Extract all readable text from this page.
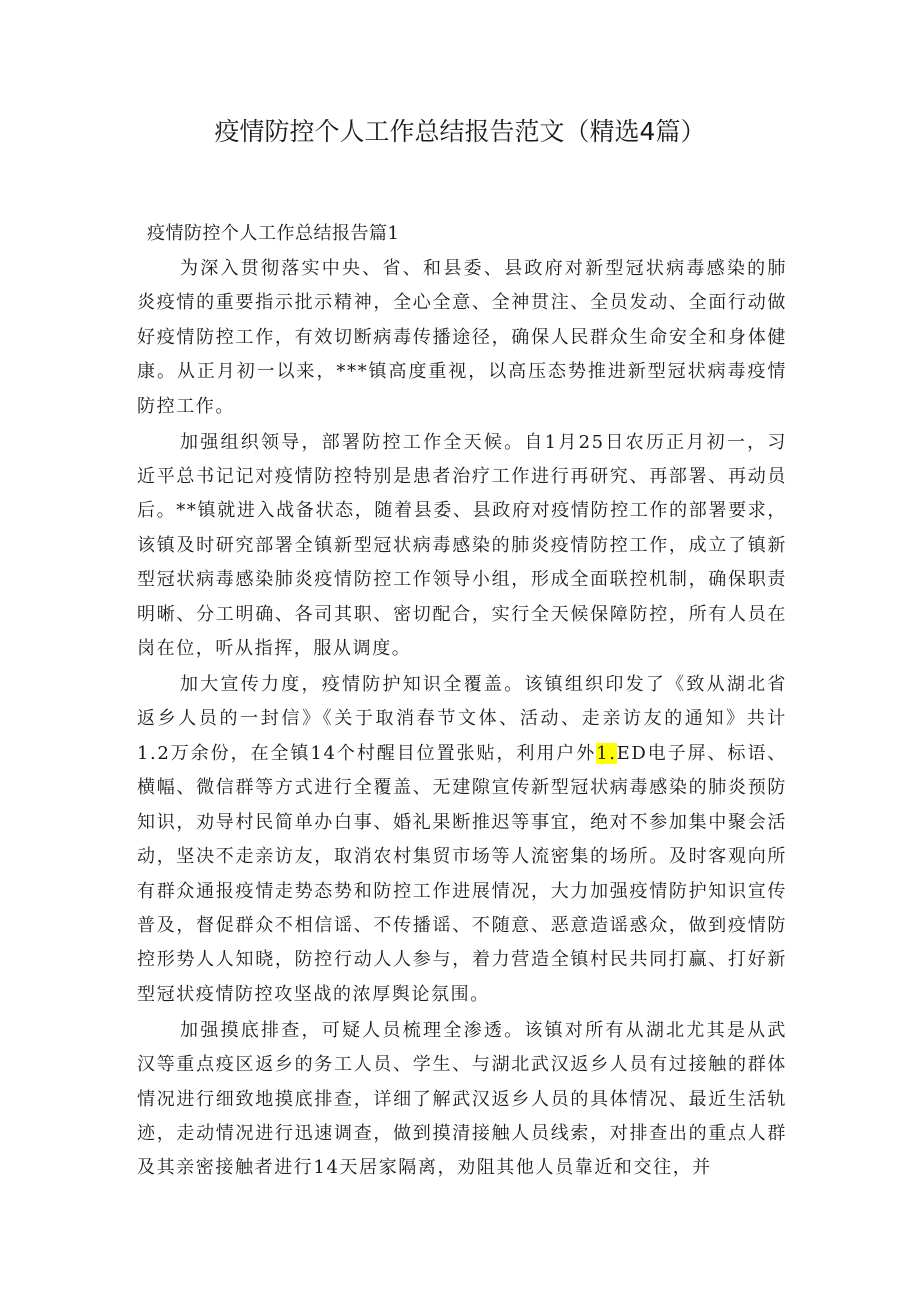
疫情防控个人工作总结报告范文（精选4篇）
疫情防控个人工作总结报告篇1

为深入贯彻落实中央、省、和县委、县政府对新型冠状病毒感染的肺炎疫情的重要指示批示精神，全心全意、全神贯注、全员发动、全面行动做好疫情防控工作，有效切断病毒传播途径，确保人民群众生命安全和身体健康。从正月初一以来，***镇高度重视，以高压态势推进新型冠状病毒疫情防控工作。

加强组织领导，部署防控工作全天候。自1月25日农历正月初一，习近平总书记记对疫情防控特别是患者治疗工作进行再研究、再部署、再动员后。**镇就进入战备状态，随着县委、县政府对疫情防控工作的部署要求，该镇及时研究部署全镇新型冠状病毒感染的肺炎疫情防控工作，成立了镇新型冠状病毒感染肺炎疫情防控工作领导小组，形成全面联控机制，确保职责明晰、分工明确、各司其职、密切配合，实行全天候保障防控，所有人员在岗在位，听从指挥，服从调度。

加大宣传力度，疫情防护知识全覆盖。该镇组织印发了《致从湖北省返乡人员的一封信》《关于取消春节文体、活动、走亲访友的通知》共计1.2万余份，在全镇14个村醒目位置张贴，利用户外1.ED电子屏、标语、横幅、微信群等方式进行全覆盖、无建隙宣传新型冠状病毒感染的肺炎预防知识，劝导村民简单办白事、婚礼果断推迟等事宜，绝对不参加集中聚会活动，坚决不走亲访友，取消农村集贸市场等人流密集的场所。及时客观向所有群众通报疫情走势态势和防控工作进展情况，大力加强疫情防护知识宣传普及，督促群众不相信谣、不传播谣、不随意、恶意造谣惑众，做到疫情防控形势人人知晓，防控行动人人参与，着力营造全镇村民共同打赢、打好新型冠状疫情防控攻坚战的浓厚舆论氛围。

加强摸底排查，可疑人员梳理全渗透。该镇对所有从湖北尤其是从武汉等重点疫区返乡的务工人员、学生、与湖北武汉返乡人员有过接触的群体情况进行细致地摸底排查，详细了解武汉返乡人员的具体情况、最近生活轨迹，走动情况进行迅速调查，做到摸清接触人员线索，对排查出的重点人群及其亲密接触者进行14天居家隔离，劝阻其他人员靠近和交往，并
